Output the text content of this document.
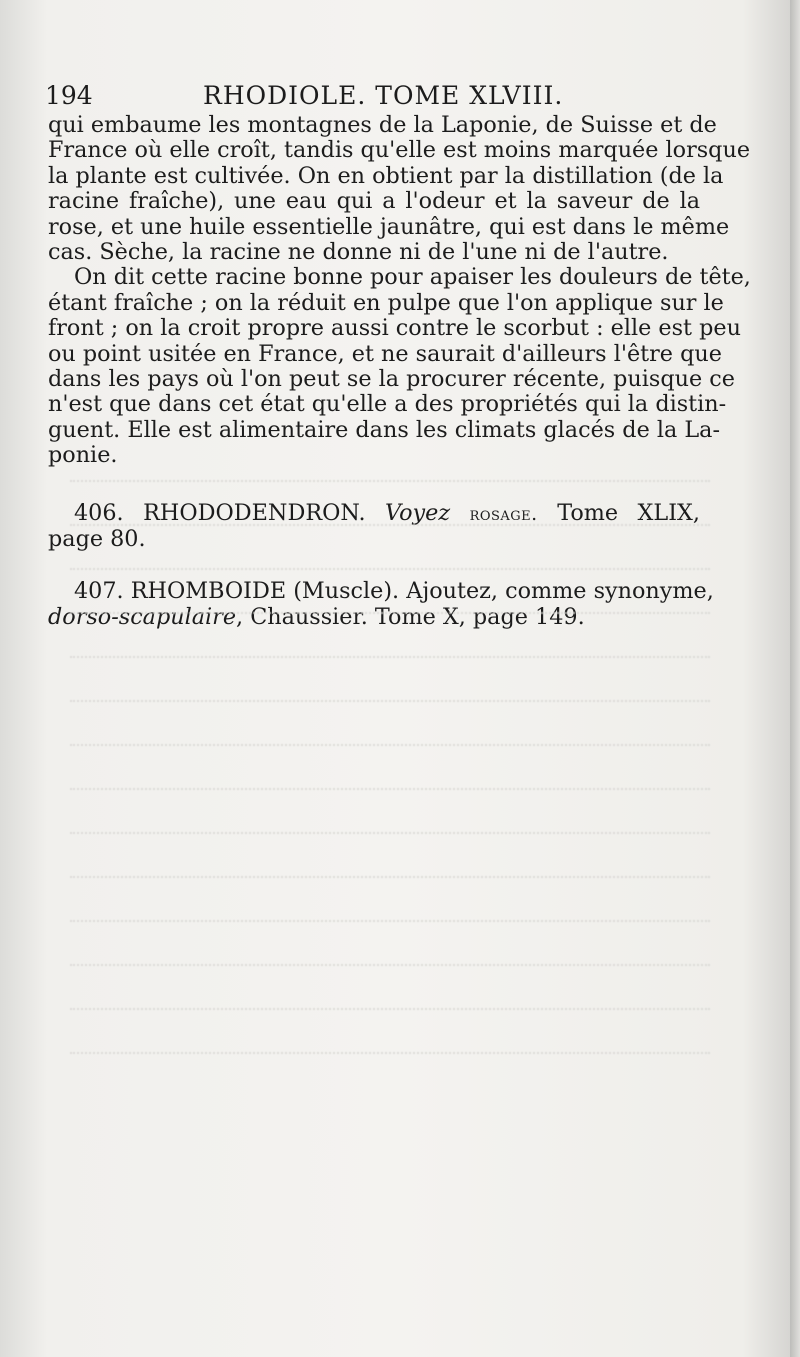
194	RHODIOLE. TOME XLVIII.
qui embaume les montagnes de la Laponie, de Suisse et de
France où elle croît, tandis qu'elle est moins marquée lorsque
la plante est cultivée. On en obtient par la distillation (de la
racine fraîche), une eau qui a l'odeur et la saveur de la
rose, et une huile essentielle jaunâtre, qui est dans le même
cas. Sèche, la racine ne donne ni de l'une ni de l'autre.
On dit cette racine bonne pour apaiser les douleurs de tête,
étant fraîche ; on la réduit en pulpe que l'on applique sur le
front ; on la croit propre aussi contre le scorbut : elle est peu
ou point usitée en France, et ne saurait d'ailleurs l'être que
dans les pays où l'on peut se la procurer récente, puisque ce
n'est que dans cet état qu'elle a des propriétés qui la distin-
guent. Elle est alimentaire dans les climats glacés de la La-
ponie.
406. RHODODENDRON. Voyez rosage. Tome XLIX,
page 80.
407. RHOMBOIDE (Muscle). Ajoutez, comme synonyme,
dorso-scapulaire, Chaussier. Tome X, page 149.
